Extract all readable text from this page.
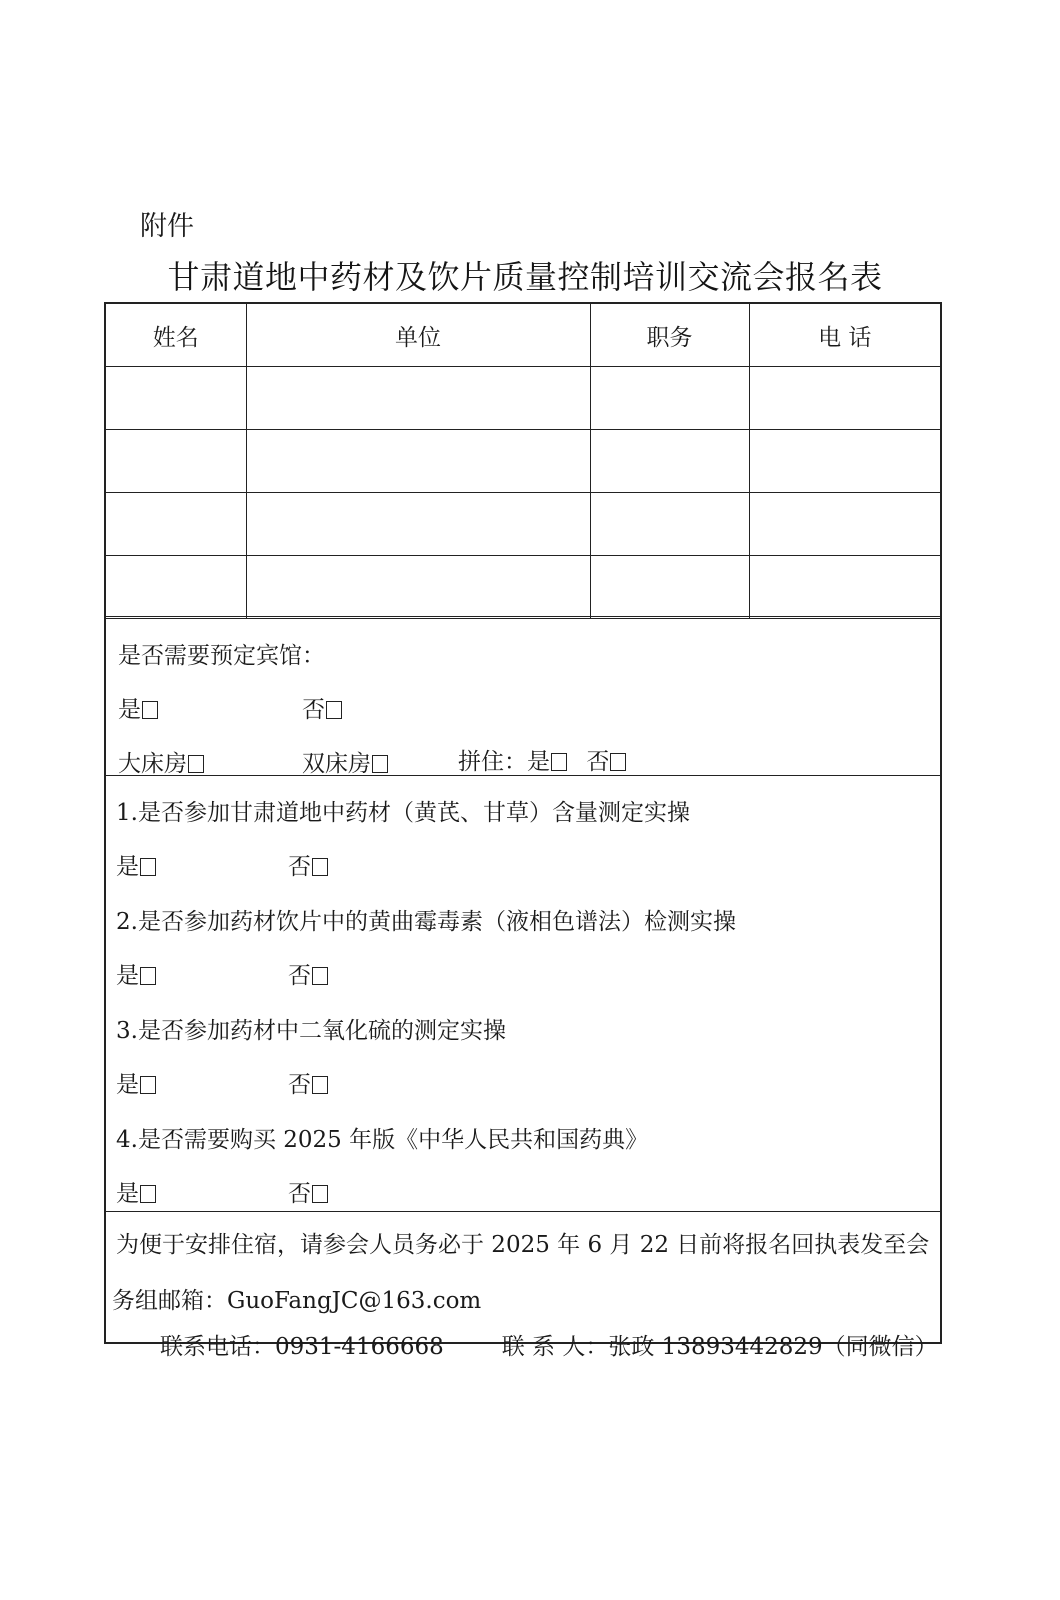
附件
甘肃道地中药材及饮片质量控制培训交流会报名表
姓名	单位	职务	电 话

是否需要预定宾馆：
是	否
大床房	双床房	拼住：是 否
1.是否参加甘肃道地中药材（黄芪、甘草）含量测定实操
是	否
2.是否参加药材饮片中的黄曲霉毒素（液相色谱法）检测实操
是	否
3.是否参加药材中二氧化硫的测定实操
是	否
4.是否需要购买 2025 年版《中华人民共和国药典》
是	否
为便于安排住宿，请参会人员务必于 2025 年 6 月 22 日前将报名回执表发至会
务组邮箱：GuoFangJC@163.com
联系电话：0931-4166668	联 系 人：张政 13893442829（同微信）
